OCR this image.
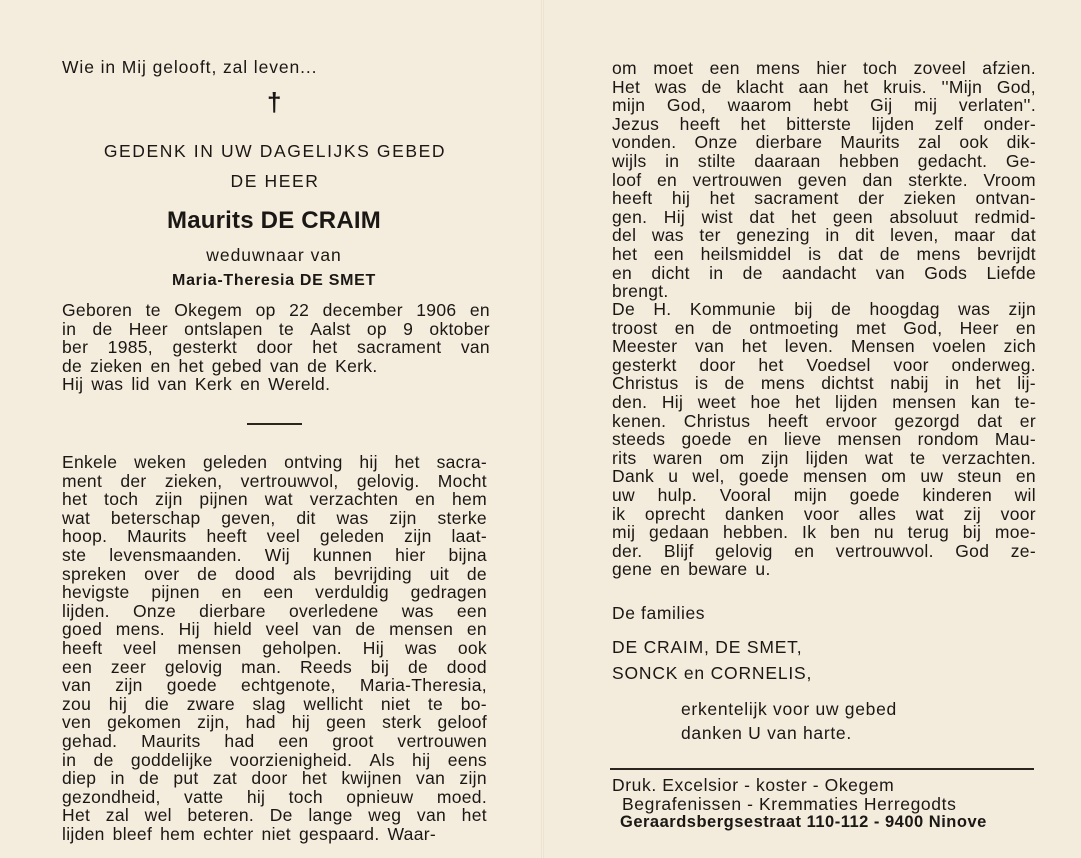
Wie in Mij gelooft, zal leven...
†
GEDENK IN UW DAGELIJKS GEBED
DE HEER
Maurits DE CRAIM
weduwnaar van
Maria-Theresia DE SMET
Geboren te Okegem op 22 december 1906 en
in de Heer ontslapen te Aalst op 9 oktober
ber 1985, gesterkt door het sacrament van
de zieken en het gebed van de Kerk.
Hij was lid van Kerk en Wereld.
Enkele weken geleden ontving hij het sacra-
ment der zieken, vertrouwvol, gelovig. Mocht
het toch zijn pijnen wat verzachten en hem
wat beterschap geven, dit was zijn sterke
hoop. Maurits heeft veel geleden zijn laat-
ste levensmaanden. Wij kunnen hier bijna
spreken over de dood als bevrijding uit de
hevigste pijnen en een verduldig gedragen
lijden. Onze dierbare overledene was een
goed mens. Hij hield veel van de mensen en
heeft veel mensen geholpen. Hij was ook
een zeer gelovig man. Reeds bij de dood
van zijn goede echtgenote, Maria-Theresia,
zou hij die zware slag wellicht niet te bo-
ven gekomen zijn, had hij geen sterk geloof
gehad. Maurits had een groot vertrouwen
in de goddelijke voorzienigheid. Als hij eens
diep in de put zat door het kwijnen van zijn
gezondheid, vatte hij toch opnieuw moed.
Het zal wel beteren. De lange weg van het
lijden bleef hem echter niet gespaard. Waar-
om moet een mens hier toch zoveel afzien.
Het was de klacht aan het kruis. ''Mijn God,
mijn God, waarom hebt Gij mij verlaten''.
Jezus heeft het bitterste lijden zelf onder-
vonden. Onze dierbare Maurits zal ook dik-
wijls in stilte daaraan hebben gedacht. Ge-
loof en vertrouwen geven dan sterkte. Vroom
heeft hij het sacrament der zieken ontvan-
gen. Hij wist dat het geen absoluut redmid-
del was ter genezing in dit leven, maar dat
het een heilsmiddel is dat de mens bevrijdt
en dicht in de aandacht van Gods Liefde
brengt.
De H. Kommunie bij de hoogdag was zijn
troost en de ontmoeting met God, Heer en
Meester van het leven. Mensen voelen zich
gesterkt door het Voedsel voor onderweg.
Christus is de mens dichtst nabij in het lij-
den. Hij weet hoe het lijden mensen kan te-
kenen. Christus heeft ervoor gezorgd dat er
steeds goede en lieve mensen rondom Mau-
rits waren om zijn lijden wat te verzachten.
Dank u wel, goede mensen om uw steun en
uw hulp. Vooral mijn goede kinderen wil
ik oprecht danken voor alles wat zij voor
mij gedaan hebben. Ik ben nu terug bij moe-
der. Blijf gelovig en vertrouwvol. God ze-
gene en beware u.
De families
DE CRAIM, DE SMET,
SONCK en CORNELIS,
erkentelijk voor uw gebed
danken U van harte.
Druk. Excelsior - koster - Okegem
Begrafenissen - Kremmaties Herregodts
Geraardsbergsestraat 110-112 - 9400 Ninove
